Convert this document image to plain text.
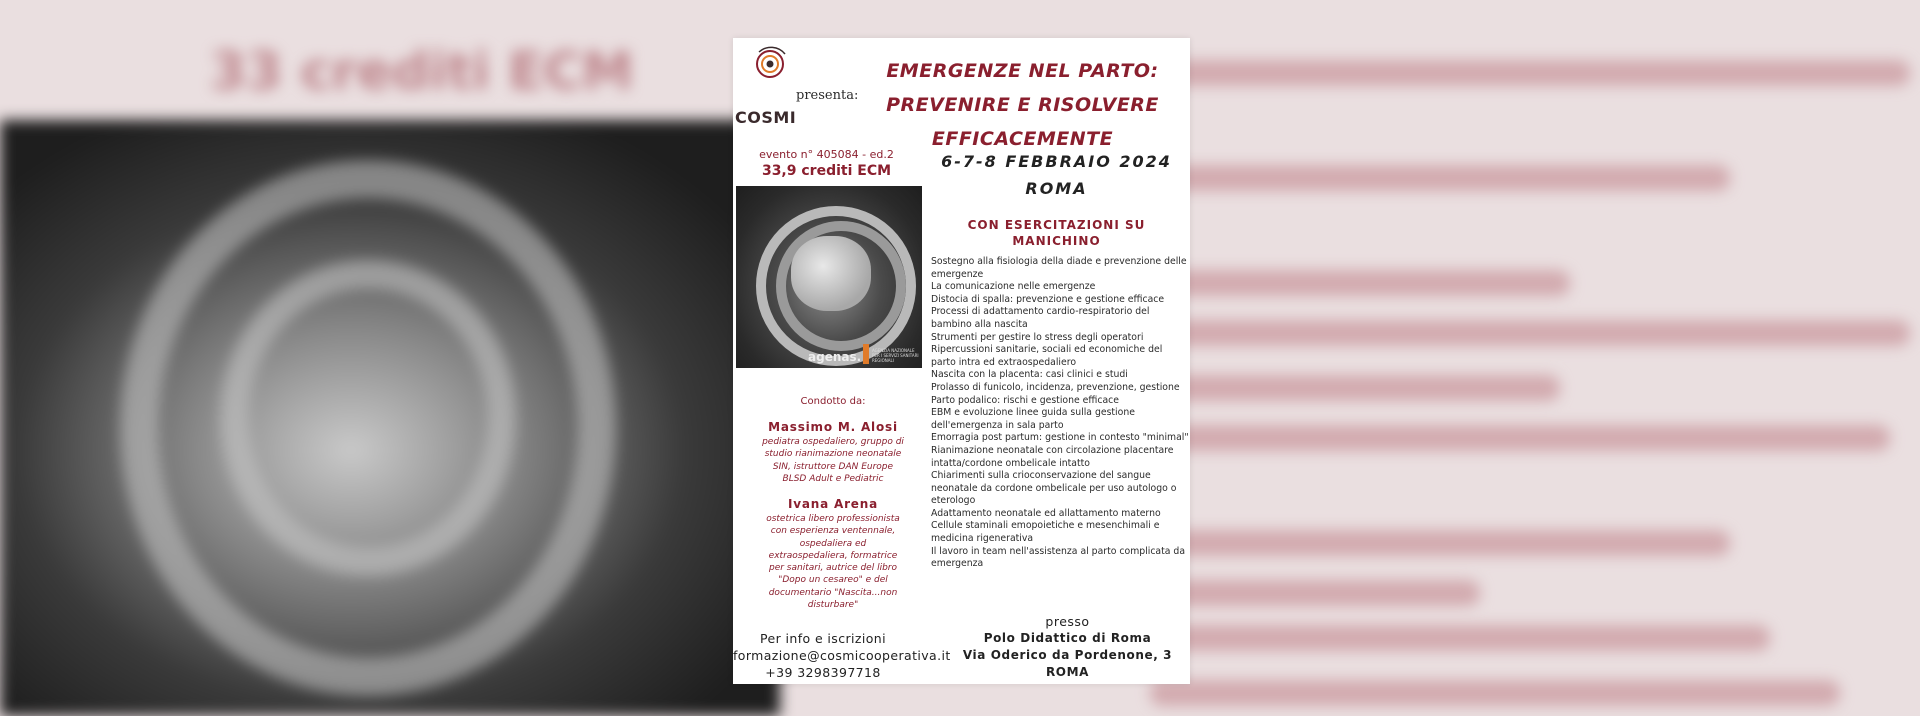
33 crediti ECM
COSMI
presenta:
EMERGENZE NEL PARTO:
PREVENIRE E RISOLVERE EFFICACEMENTE
evento n° 405084 - ed.2
33,9 crediti ECM
agenas.	AGENZIA NAZIONALE PER I SERVIZI SANITARI REGIONALI
6-7-8 FEBBRAIO 2024
ROMA
CON ESERCITAZIONI SU MANICHINO
Sostegno alla fisiologia della diade e prevenzione delle emergenze
La comunicazione nelle emergenze
Distocia di spalla: prevenzione e gestione efficace
Processi di adattamento cardio-respiratorio del bambino alla nascita
Strumenti per gestire lo stress degli operatori
Ripercussioni sanitarie, sociali ed economiche del parto intra ed extraospedaliero
Nascita con la placenta: casi clinici e studi
Prolasso di funicolo, incidenza, prevenzione, gestione
Parto podalico: rischi e gestione efficace
EBM e evoluzione linee guida sulla gestione dell'emergenza in sala parto
Emorragia post partum: gestione in contesto "minimal"
Rianimazione neonatale con circolazione placentare intatta/cordone ombelicale intatto
Chiarimenti sulla crioconservazione del sangue neonatale da cordone ombelicale per uso autologo o eterologo
Adattamento neonatale ed allattamento materno
Cellule staminali emopoietiche e mesenchimali e medicina rigenerativa
Il lavoro in team nell'assistenza al parto complicata da emergenza
Condotto da:
Massimo M. Alosi
pediatra ospedaliero, gruppo di studio rianimazione neonatale SIN, istruttore DAN Europe BLSD Adult e Pediatric
Ivana Arena
ostetrica libero professionista con esperienza ventennale, ospedaliera ed extraospedaliera, formatrice per sanitari, autrice del libro "Dopo un cesareo" e del documentario "Nascita...non disturbare"
Per info e iscrizioni
formazione@cosmicooperativa.it
+39 3298397718
presso
Polo Didattico di Roma
Via Oderico da Pordenone, 3
ROMA
